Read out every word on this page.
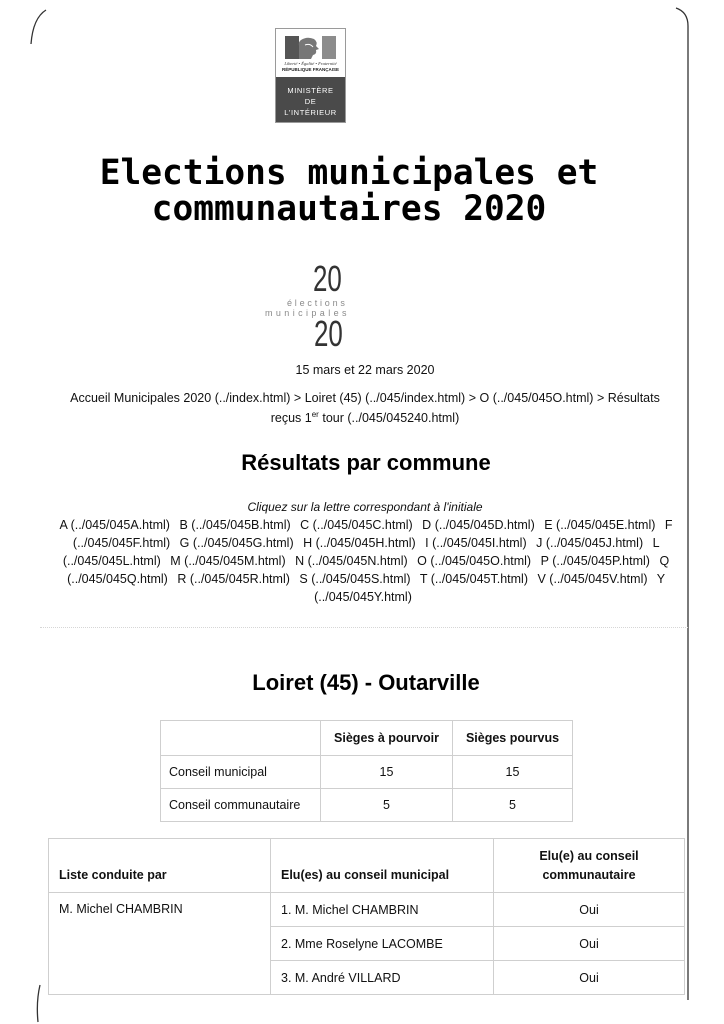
Liberté • Égalité • Fraternité
RÉPUBLIQUE FRANÇAISE
MINISTÈRE
DE
L'INTÉRIEUR
Elections municipales et
communautaires 2020
20
élections
municipales
20
15 mars et 22 mars 2020
Accueil Municipales 2020 (../index.html) > Loiret (45) (../045/index.html) > O (../045/045O.html) > Résultats reçus 1er tour (../045/045240.html)
Résultats par commune
Cliquez sur la lettre correspondant à l'initiale
A (../045/045A.html) B (../045/045B.html) C (../045/045C.html) D (../045/045D.html) E (../045/045E.html) F (../045/045F.html) G (../045/045G.html) H (../045/045H.html) I (../045/045I.html) J (../045/045J.html) L (../045/045L.html) M (../045/045M.html) N (../045/045N.html) O (../045/045O.html) P (../045/045P.html) Q (../045/045Q.html) R (../045/045R.html) S (../045/045S.html) T (../045/045T.html) V (../045/045V.html) Y (../045/045Y.html)
Loiret (45) - Outarville
	Sièges à pourvoir	Sièges pourvus
Conseil municipal	15	15
Conseil communautaire	5	5
Liste conduite par	Elu(es) au conseil municipal	Elu(e) au conseil communautaire
M. Michel CHAMBRIN	1. M. Michel CHAMBRIN	Oui
	2. Mme Roselyne LACOMBE	Oui
	3. M. André VILLARD	Oui
